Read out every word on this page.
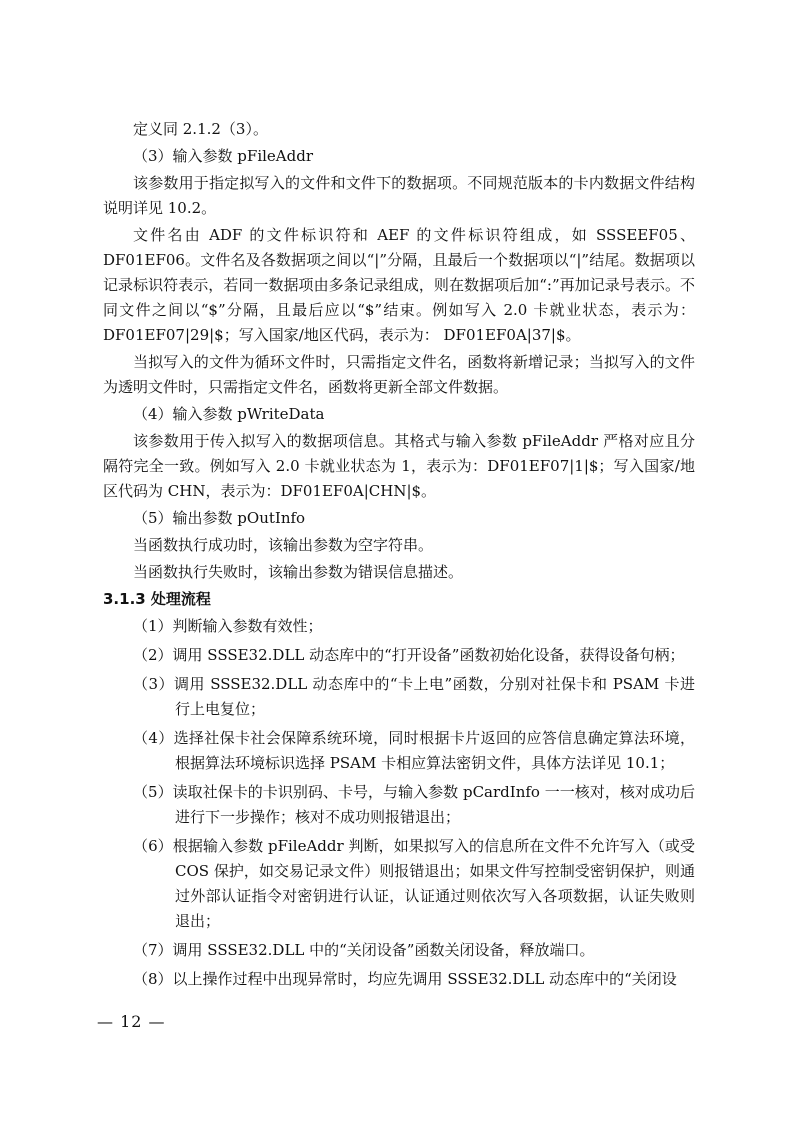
定义同 2.1.2（3）。

（3）输入参数 pFileAddr

该参数用于指定拟写入的文件和文件下的数据项。不同规范版本的卡内数据文件结构说明详见 10.2。

文件名由 ADF 的文件标识符和 AEF 的文件标识符组成，如 SSSEEF05、DF01EF06。文件名及各数据项之间以“|”分隔，且最后一个数据项以“|”结尾。数据项以记录标识符表示，若同一数据项由多条记录组成，则在数据项后加“:”再加记录号表示。不同文件之间以“$”分隔，且最后应以“$”结束。例如写入 2.0 卡就业状态，表示为：DF01EF07|29|$；写入国家/地区代码，表示为： DF01EF0A|37|$。

当拟写入的文件为循环文件时，只需指定文件名，函数将新增记录；当拟写入的文件为透明文件时，只需指定文件名，函数将更新全部文件数据。

（4）输入参数 pWriteData

该参数用于传入拟写入的数据项信息。其格式与输入参数 pFileAddr 严格对应且分隔符完全一致。例如写入 2.0 卡就业状态为 1，表示为：DF01EF07|1|$；写入国家/地区代码为 CHN，表示为：DF01EF0A|CHN|$。

（5）输出参数 pOutInfo

当函数执行成功时，该输出参数为空字符串。

当函数执行失败时，该输出参数为错误信息描述。

3.1.3 处理流程

（1）判断输入参数有效性；

（2）调用 SSSE32.DLL 动态库中的“打开设备”函数初始化设备，获得设备句柄；

（3）调用 SSSE32.DLL 动态库中的“卡上电”函数，分别对社保卡和 PSAM 卡进行上电复位；

（4）选择社保卡社会保障系统环境，同时根据卡片返回的应答信息确定算法环境，根据算法环境标识选择 PSAM 卡相应算法密钥文件，具体方法详见 10.1；

（5）读取社保卡的卡识别码、卡号，与输入参数 pCardInfo 一一核对，核对成功后进行下一步操作；核对不成功则报错退出；

（6）根据输入参数 pFileAddr 判断，如果拟写入的信息所在文件不允许写入（或受 COS 保护，如交易记录文件）则报错退出；如果文件写控制受密钥保护，则通过外部认证指令对密钥进行认证，认证通过则依次写入各项数据，认证失败则退出；

（7）调用 SSSE32.DLL 中的“关闭设备”函数关闭设备，释放端口。

（8）以上操作过程中出现异常时，均应先调用 SSSE32.DLL 动态库中的“关闭设

— 12 —
